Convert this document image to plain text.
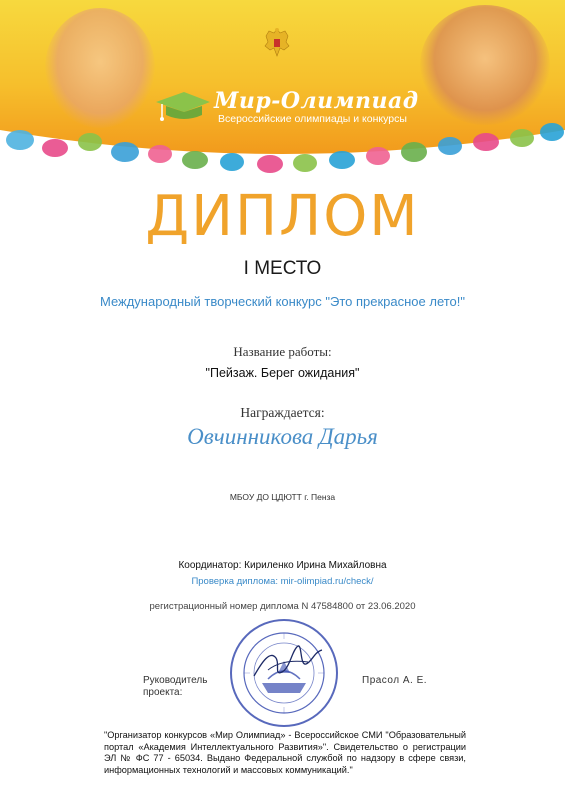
Мир-Олимпиад
Всероссийские олимпиады и конкурсы
ДИПЛОМ
I МЕСТО
Международный творческий конкурс "Это прекрасное лето!"
Название работы:
"Пейзаж. Берег ожидания"
Награждается:
Овчинникова Дарья
МБОУ ДО ЦДЮТТ г. Пенза
Координатор: Кириленко Ирина Михайловна
Проверка диплома: mir-olimpiad.ru/check/
регистрационный номер диплома N 47584800 от 23.06.2020
Руководитель проекта:
Прасол А. Е.
"Организатор конкурсов «Мир Олимпиад» - Всероссийское СМИ "Образовательный портал «Академия Интеллектуального Развития»". Свидетельство о регистрации ЭЛ № ФС 77 - 65034. Выдано Федеральной службой по надзору в сфере связи, информационных технологий и массовых коммуникаций."
